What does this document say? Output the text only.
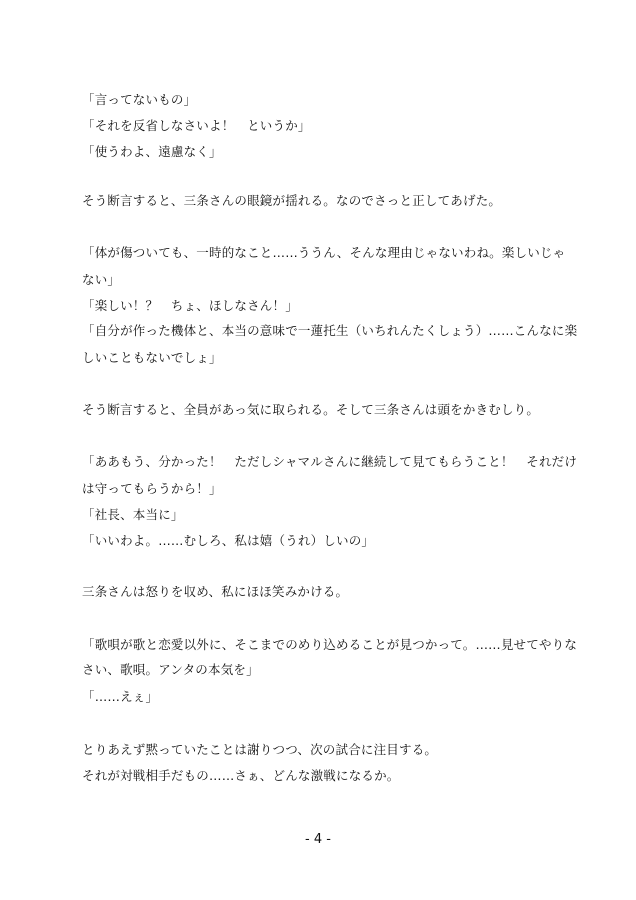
「言ってないもの」
「それを反省しなさいよ！　というか」
「使うわよ、遠慮なく」
そう断言すると、三条さんの眼鏡が揺れる。なのでさっと正してあげた。
「体が傷ついても、一時的なこと……ううん、そんな理由じゃないわね。楽しいじゃ
ない」
「楽しい！？　ちょ、ほしなさん！」
「自分が作った機体と、本当の意味で一蓮托生（いちれんたくしょう）……こんなに楽
しいこともないでしょ」
そう断言すると、全員があっ気に取られる。そして三条さんは頭をかきむしり。
「ああもう、分かった！　ただしシャマルさんに継続して見てもらうこと！　それだけ
は守ってもらうから！」
「社長、本当に」
「いいわよ。……むしろ、私は嬉（うれ）しいの」
三条さんは怒りを収め、私にほほ笑みかける。
「歌唄が歌と恋愛以外に、そこまでのめり込めることが見つかって。……見せてやりな
さい、歌唄。アンタの本気を」
「……えぇ」
とりあえず黙っていたことは謝りつつ、次の試合に注目する。
それが対戦相手だもの……さぁ、どんな激戦になるか。
- 4 -
